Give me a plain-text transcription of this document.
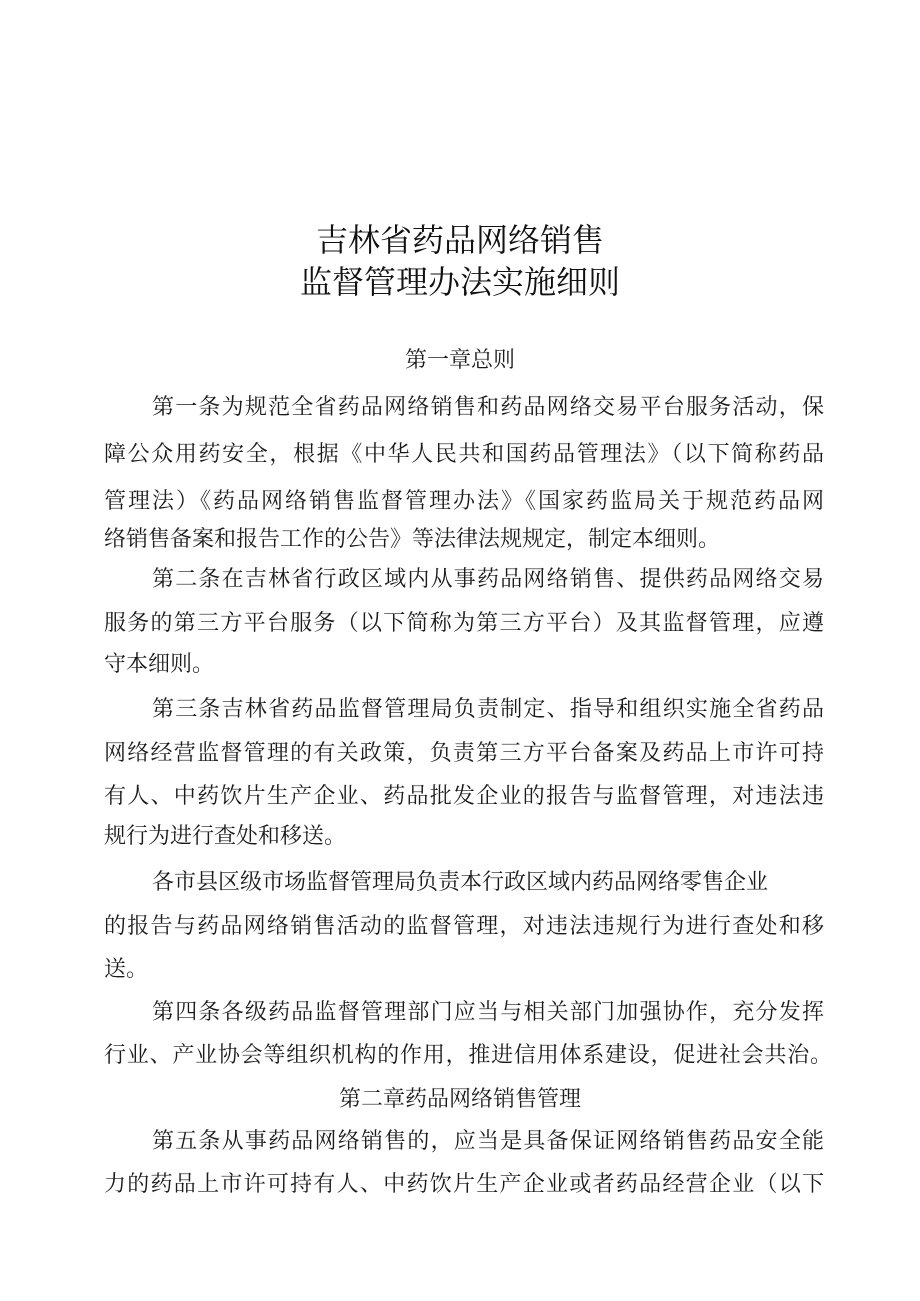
吉林省药品网络销售
监督管理办法实施细则
第一章总则
第一条为规范全省药品网络销售和药品网络交易平台服务活动，保
障公众用药安全，根据《中华人民共和国药品管理法》（以下简称药品
管理法）《药品网络销售监督管理办法》《国家药监局关于规范药品网
络销售备案和报告工作的公告》等法律法规规定，制定本细则。
第二条在吉林省行政区域内从事药品网络销售、提供药品网络交易
服务的第三方平台服务（以下简称为第三方平台）及其监督管理，应遵
守本细则。
第三条吉林省药品监督管理局负责制定、指导和组织实施全省药品
网络经营监督管理的有关政策，负责第三方平台备案及药品上市许可持
有人、中药饮片生产企业、药品批发企业的报告与监督管理，对违法违
规行为进行查处和移送。
各市县区级市场监督管理局负责本行政区域内药品网络零售企业
的报告与药品网络销售活动的监督管理，对违法违规行为进行查处和移
送。
第四条各级药品监督管理部门应当与相关部门加强协作，充分发挥
行业、产业协会等组织机构的作用，推进信用体系建设，促进社会共治。
第二章药品网络销售管理
第五条从事药品网络销售的，应当是具备保证网络销售药品安全能
力的药品上市许可持有人、中药饮片生产企业或者药品经营企业（以下
